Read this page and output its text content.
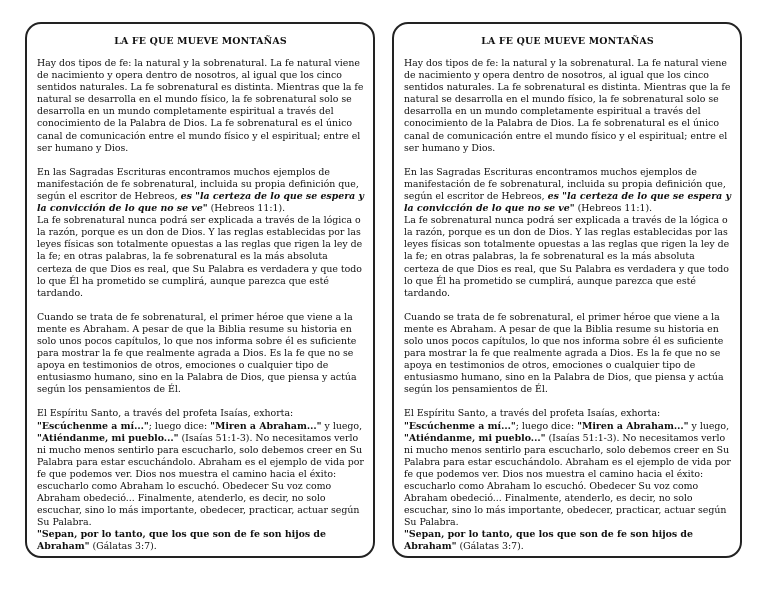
LA FE QUE MUEVE MONTAÑAS

Hay dos tipos de fe: la natural y la sobrenatural. La fe natural viene de nacimiento y opera dentro de nosotros, al igual que los cinco sentidos naturales. La fe sobrenatural es distinta. Mientras que la fe natural se desarrolla en el mundo físico, la fe sobrenatural solo se desarrolla en un mundo completamente espiritual a través del conocimiento de la Palabra de Dios. La fe sobrenatural es el único canal de comunicación entre el mundo físico y el espiritual; entre el ser humano y Dios.

En las Sagradas Escrituras encontramos muchos ejemplos de manifestación de fe sobrenatural, incluida su propia definición que, según el escritor de Hebreos, es "la certeza de lo que se espera y la convicción de lo que no se ve" (Hebreos 11:1).

La fe sobrenatural nunca podrá ser explicada a través de la lógica o la razón, porque es un don de Dios. Y las reglas establecidas por las leyes físicas son totalmente opuestas a las reglas que rigen la ley de la fe; en otras palabras, la fe sobrenatural es la más absoluta certeza de que Dios es real, que Su Palabra es verdadera y que todo lo que Él ha prometido se cumplirá, aunque parezca que esté tardando.

Cuando se trata de fe sobrenatural, el primer héroe que viene a la mente es Abraham. A pesar de que la Biblia resume su historia en solo unos pocos capítulos, lo que nos informa sobre él es suficiente para mostrar la fe que realmente agrada a Dios. Es la fe que no se apoya en testimonios de otros, emociones o cualquier tipo de entusiasmo humano, sino en la Palabra de Dios, que piensa y actúa según los pensamientos de Él.

El Espíritu Santo, a través del profeta Isaías, exhorta: "Escúchenme a mí..."; luego dice: "Miren a Abraham..." y luego, "Atiéndanme, mi pueblo..." (Isaías 51:1-3). No necesitamos verlo ni mucho menos sentirlo para escucharlo, solo debemos creer en Su Palabra para estar escuchándolo. Abraham es el ejemplo de vida por fe que podemos ver. Dios nos muestra el camino hacia el éxito: escucharlo como Abraham lo escuchó. Obedecer Su voz como Abraham obedeció... Finalmente, atenderlo, es decir, no solo escuchar, sino lo más importante, obedecer, practicar, actuar según Su Palabra.
"Sepan, por lo tanto, que los que son de fe son hijos de Abraham" (Gálatas 3:7).

LA FE QUE MUEVE MONTAÑAS

Hay dos tipos de fe: la natural y la sobrenatural. La fe natural viene de nacimiento y opera dentro de nosotros, al igual que los cinco sentidos naturales. La fe sobrenatural es distinta. Mientras que la fe natural se desarrolla en el mundo físico, la fe sobrenatural solo se desarrolla en un mundo completamente espiritual a través del conocimiento de la Palabra de Dios. La fe sobrenatural es el único canal de comunicación entre el mundo físico y el espiritual; entre el ser humano y Dios.

En las Sagradas Escrituras encontramos muchos ejemplos de manifestación de fe sobrenatural, incluida su propia definición que, según el escritor de Hebreos, es "la certeza de lo que se espera y la convicción de lo que no se ve" (Hebreos 11:1).

La fe sobrenatural nunca podrá ser explicada a través de la lógica o la razón, porque es un don de Dios. Y las reglas establecidas por las leyes físicas son totalmente opuestas a las reglas que rigen la ley de la fe; en otras palabras, la fe sobrenatural es la más absoluta certeza de que Dios es real, que Su Palabra es verdadera y que todo lo que Él ha prometido se cumplirá, aunque parezca que esté tardando.

Cuando se trata de fe sobrenatural, el primer héroe que viene a la mente es Abraham. A pesar de que la Biblia resume su historia en solo unos pocos capítulos, lo que nos informa sobre él es suficiente para mostrar la fe que realmente agrada a Dios. Es la fe que no se apoya en testimonios de otros, emociones o cualquier tipo de entusiasmo humano, sino en la Palabra de Dios, que piensa y actúa según los pensamientos de Él.

El Espíritu Santo, a través del profeta Isaías, exhorta: "Escúchenme a mí..."; luego dice: "Miren a Abraham..." y luego, "Atiéndanme, mi pueblo..." (Isaías 51:1-3). No necesitamos verlo ni mucho menos sentirlo para escucharlo, solo debemos creer en Su Palabra para estar escuchándolo. Abraham es el ejemplo de vida por fe que podemos ver. Dios nos muestra el camino hacia el éxito: escucharlo como Abraham lo escuchó. Obedecer Su voz como Abraham obedeció... Finalmente, atenderlo, es decir, no solo escuchar, sino lo más importante, obedecer, practicar, actuar según Su Palabra.
"Sepan, por lo tanto, que los que son de fe son hijos de Abraham" (Gálatas 3:7).
